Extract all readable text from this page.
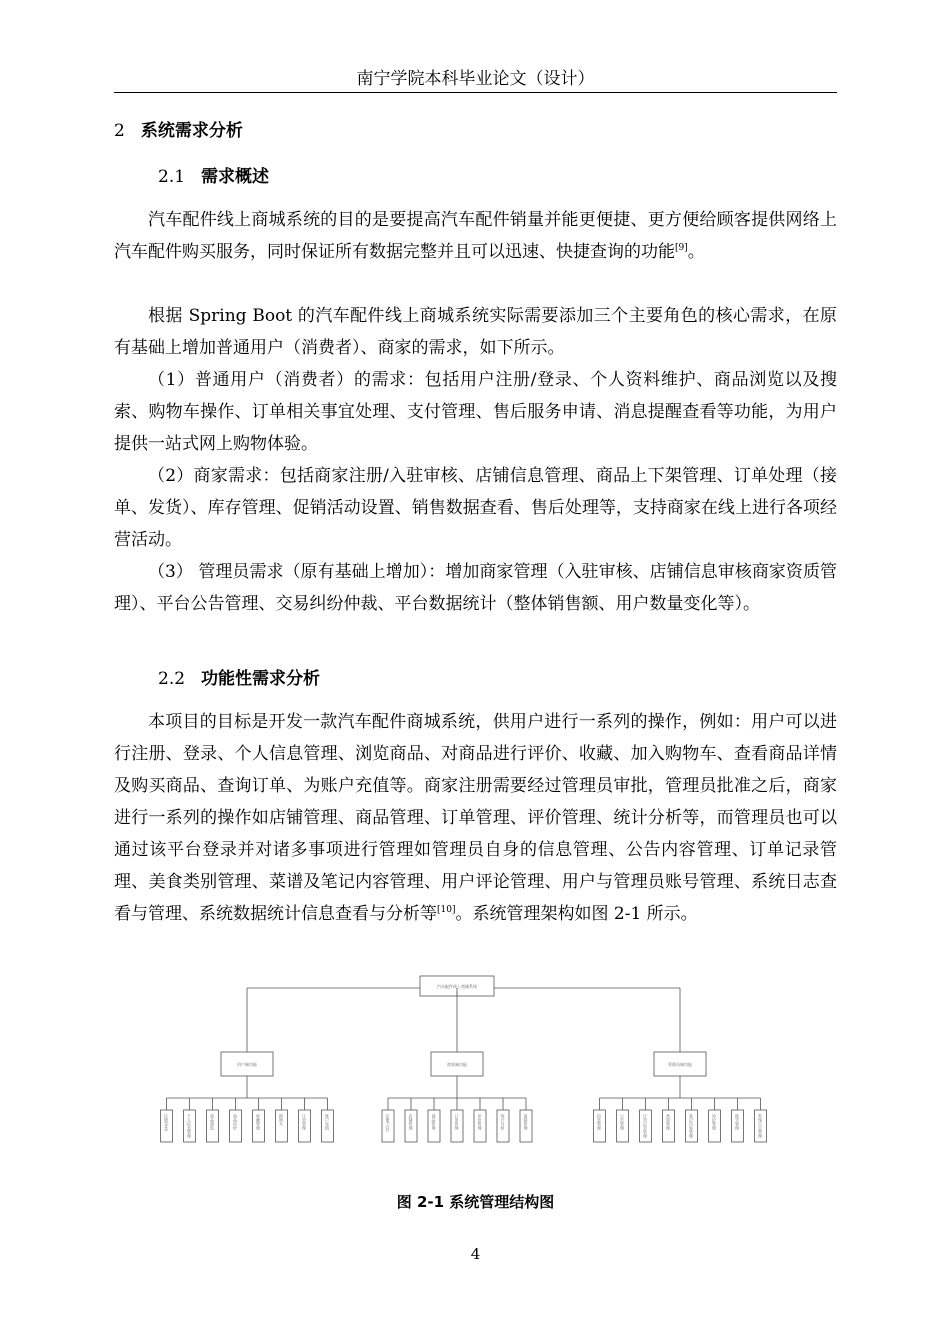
南宁学院本科毕业论文（设计）
2 系统需求分析
2.1 需求概述

汽车配件线上商城系统的目的是要提高汽车配件销量并能更便捷、更方便给顾客提供网络上汽车配件购买服务，同时保证所有数据完整并且可以迅速、快捷查询的功能[9]。

根据 Spring Boot 的汽车配件线上商城系统实际需要添加三个主要角色的核心需求，在原有基础上增加普通用户（消费者）、商家的需求，如下所示。

（1）普通用户（消费者）的需求：包括用户注册/登录、个人资料维护、商品浏览以及搜索、购物车操作、订单相关事宜处理、支付管理、售后服务申请、消息提醒查看等功能，为用户提供一站式网上购物体验。

（2）商家需求：包括商家注册/入驻审核、店铺信息管理、商品上下架管理、订单处理（接单、发货）、库存管理、促销活动设置、销售数据查看、售后处理等，支持商家在线上进行各项经营活动。

（3） 管理员需求（原有基础上增加）：增加商家管理（入驻审核、店铺信息审核商家资质管理）、平台公告管理、交易纠纷仲裁、平台数据统计（整体销售额、用户数量变化等）。

2.2 功能性需求分析

本项目的目标是开发一款汽车配件商城系统，供用户进行一系列的操作，例如：用户可以进行注册、登录、个人信息管理、浏览商品、对商品进行评价、收藏、加入购物车、查看商品详情及购买商品、查询订单、为账户充值等。商家注册需要经过管理员审批，管理员批准之后，商家进行一系列的操作如店铺管理、商品管理、订单管理、评价管理、统计分析等，而管理员也可以通过该平台登录并对诸多事项进行管理如管理员自身的信息管理、公告内容管理、订单记录管理、美食类别管理、菜谱及笔记内容管理、用户评论管理、用户与管理员账号管理、系统日志查看与管理、系统数据统计信息查看与分析等[10]。系统管理架构如图 2-1 所示。

汽车配件线上商城系统
用户端功能
注册/登录	个人信息管理	商品浏览	商品评价	收藏管理	购物车	订单管理	账户充值
商家端功能
注册/入驻	店铺管理	商品管理	订单管理	评价管理	统计分析	促销管理
管理员端功能
信息管理	公告管理	订单记录管理	类别管理	笔记内容管理	评论管理	账号管理	系统日志管理
图 2-1 系统管理结构图
4
